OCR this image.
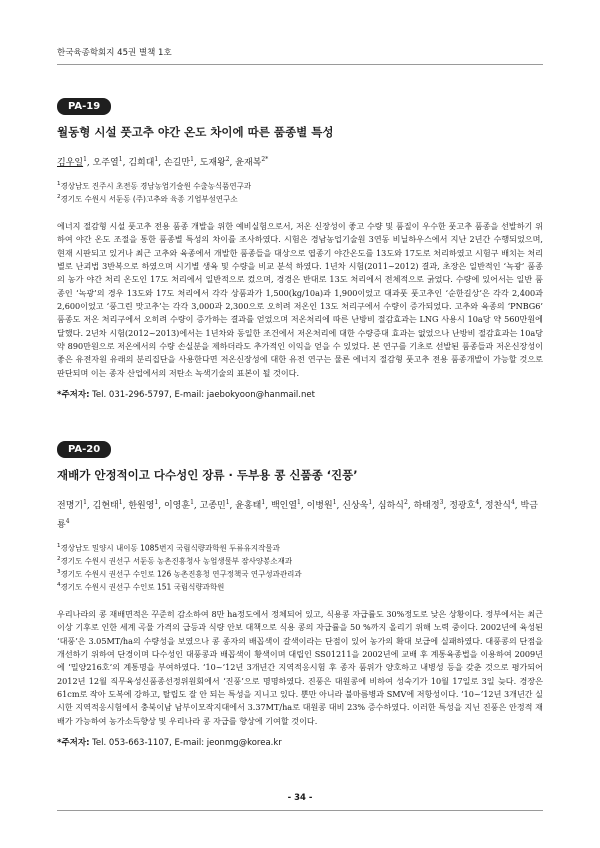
한국육종학회지 45권 별책 1호
PA-19
월동형 시설 풋고추 야간 온도 차이에 따른 품종별 특성
김우일$^1$, 오주열$^1$, 김희대$^1$, 손길만$^1$, 도재왕$^2$, 윤재복$^{2*}$
$^1$경상남도 진주시 초전동 경남농업기술원 수출농식품연구과
$^2$경기도 수원시 서둔동 (주)고추와 육종 기업부설연구소
에너지 절감형 시설 풋고추 전용 품종 개발을 위한 예비실험으로서, 저온 신장성이 좋고 수량 및 품질이 우수한 풋고추 품종을 선발하기 위하여 야간 온도 조절을 통한 품종별 특성의 차이를 조사하였다. 시험은 경남농업기술원 3연동 비닐하우스에서 지난 2년간 수행되었으며, 현재 시판되고 있거나 최근 고추와 육종에서 개발한 품종들을 대상으로 엽종기 야간온도를 13도와 17도로 처리하였고 시험구 배치는 처리별로 난괴법 3반복으로 하였으며 시기별 생육 및 수량을 비교 분석 하였다. 1년차 시험(2011~2012) 결과, 초장은 일반적인 ‘녹광’ 품종의 농가 야간 처리 온도인 17도 처리에서 일반적으로 컸으며, 경경은 반대로 13도 처리에서 전체적으로 굵었다. 수량에 있어서는 일반 품종인 ‘녹광’의 경우 13도와 17도 처리에서 각각 상품과가 1,500(kg/10a)과 1,900이었고 대과풋 풋고추인 ‘순한길상’은 각각 2,400과 2,600이었고 ‘풍그린 맛고추’는 각각 3,000과 2,300으로 오히려 저온인 13도 처리구에서 수량이 증가되었다. 고추와 육종의 ‘PNBG6’ 품종도 저온 처리구에서 오히려 수량이 증가하는 결과를 얻었으며 저온처리에 따른 난방비 절감효과는 LNG 사용시 10a당 약 560만원에 달했다. 2년차 시험(2012~2013)에서는 1년차와 동일한 조건에서 저온처리에 대한 수량증대 효과는 없었으나 난방비 절감효과는 10a당 약 890만원으로 저온에서의 수량 손실분을 제하더라도 추가적인 이익을 얻을 수 있었다. 본 연구를 기초로 선발된 품종들과 저온신장성이 좋은 유전자원 유래의 분리집단을 사용한다면 저온신장성에 대한 유전 연구는 물론 에너지 절감형 풋고추 전용 품종개발이 가능할 것으로 판단되며 이는 종자 산업에서의 저탄소 녹색기술의 표본이 될 것이다.
*주저자: Tel. 031-296-5797, E-mail: jaebokyoon@hanmail.net
PA-20
재배가 안정적이고 다수성인 장류 · 두부용 콩 신품종 ‘진풍’
전명기$^1$, 김현태$^1$, 한원영$^1$, 이영훈$^1$, 고종민$^1$, 윤홍태$^1$, 백인열$^1$, 이병원$^1$, 신상욱$^1$, 심하식$^2$, 하태정$^3$, 정광호$^4$, 정찬식$^4$, 박금룡$^4$
$^1$경상남도 밀양시 내이동 1085번지 국립식량과학원 두류유지작물과
$^2$경기도 수원시 권선구 서둔동 농촌진흥청사 농업생물부 잠사양봉소재과
$^3$경기도 수원시 권선구 수인로 126 농촌진흥청 연구정책국 연구성과관리과
$^4$경기도 수원시 권선구 수인로 151 국립식량과학원
우리나라의 콩 재배면적은 꾸준히 감소하여 8만 ha정도에서 정체되어 있고, 식용콩 자급률도 30%정도로 낮은 상황이다. 정부에서는 최근 이상 기후로 인한 세계 곡물 가격의 급등과 식량 안보 대책으로 식용 콩의 자급률을 50 %까지 올리기 위해 노력 중이다. 2002년에 육성된 ‘대풍’은 3.05MT/ha의 수량성을 보였으나 콩 종자의 배꼽색이 갈색이라는 단점이 있어 농가의 확대 보급에 실패하였다. 대풍콩의 단점을 개선하기 위하여 단경이며 다수성인 대풍콩과 배꼽색이 황색이며 대립인 SS01211을 2002년에 교배 후 계통육종법을 이용하여 2009년에 ‘밀양216호’의 계통명을 부여하였다. ‘10~’12년 3개년간 지역적응시험 후 종자 품위가 양호하고 내병성 등을 갖춘 것으로 평가되어 2012년 12월 직무육성신품종선정위원회에서 ‘진풍’으로 명명하였다. 진풍은 대원콩에 비하여 성숙기가 10월 17일로 3일 늦다. 경장은 61cm로 작아 도복에 강하고, 탈립도 잘 안 되는 특성을 지니고 있다. 뿐만 아니라 불마름병과 SMV에 저항성이다. ‘10~’12년 3개년간 실시한 지역적응시험에서 충북이남 남부이모작지대에서 3.37MT/ha로 대원콩 대비 23% 증수하였다. 이러한 특성을 지닌 진풍은 안정적 재배가 가능하여 농가소득향상 및 우리나라 콩 자급를 향상에 기여할 것이다.
*주저자: Tel. 053-663-1107, E-mail: jeonmg@korea.kr
- 34 -
